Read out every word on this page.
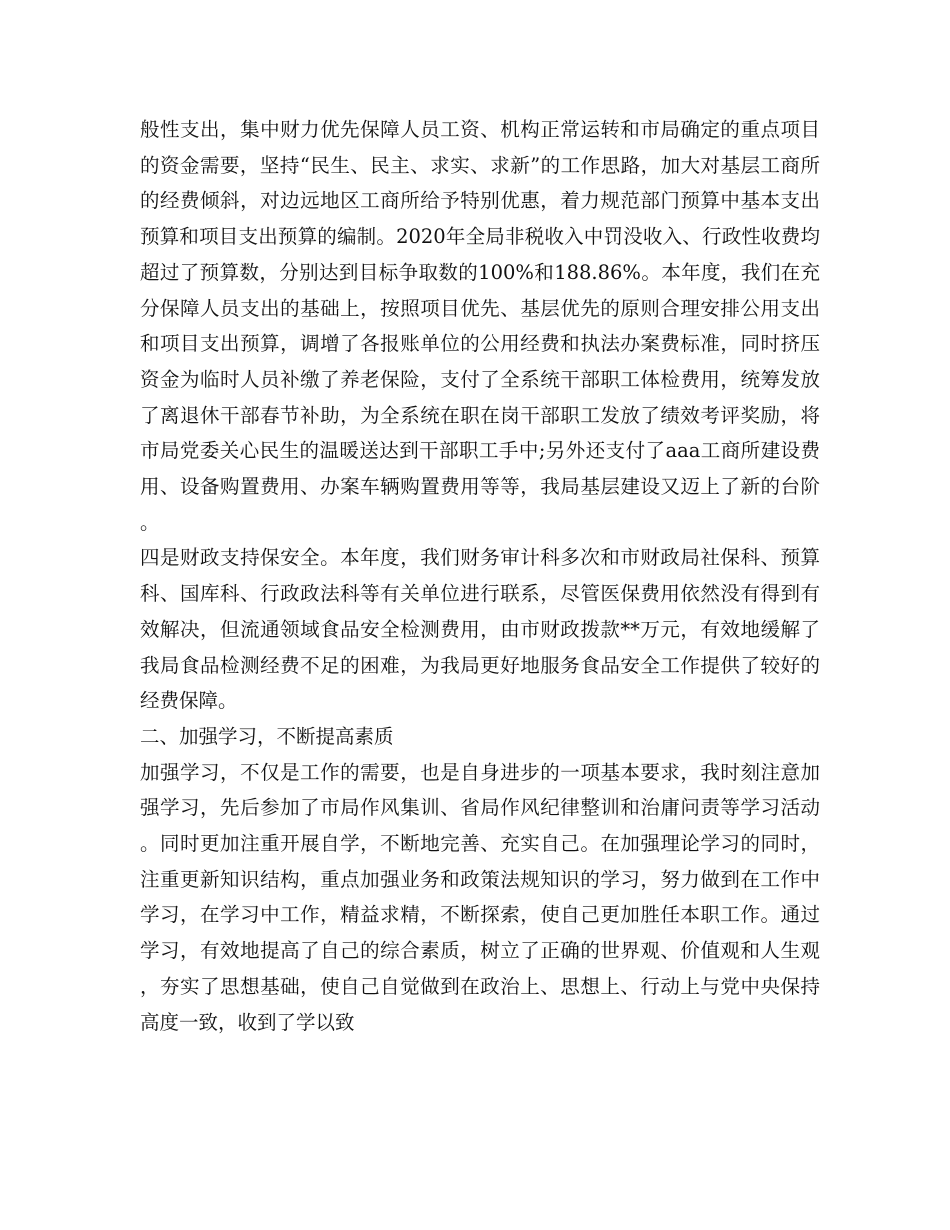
般性支出，集中财力优先保障人员工资、机构正常运转和市局确定的重点项目的资金需要，坚持“民生、民主、求实、求新”的工作思路，加大对基层工商所的经费倾斜，对边远地区工商所给予特别优惠，着力规范部门预算中基本支出预算和项目支出预算的编制。2020年全局非税收入中罚没收入、行政性收费均超过了预算数，分别达到目标争取数的100%和188.86%。本年度，我们在充分保障人员支出的基础上，按照项目优先、基层优先的原则合理安排公用支出和项目支出预算，调增了各报账单位的公用经费和执法办案费标准，同时挤压资金为临时人员补缴了养老保险，支付了全系统干部职工体检费用，统筹发放了离退休干部春节补助，为全系统在职在岗干部职工发放了绩效考评奖励，将市局党委关心民生的温暖送达到干部职工手中;另外还支付了aaa工商所建设费用、设备购置费用、办案车辆购置费用等等，我局基层建设又迈上了新的台阶。

四是财政支持保安全。本年度，我们财务审计科多次和市财政局社保科、预算科、国库科、行政政法科等有关单位进行联系，尽管医保费用依然没有得到有效解决，但流通领域食品安全检测费用，由市财政拨款**万元，有效地缓解了我局食品检测经费不足的困难，为我局更好地服务食品安全工作提供了较好的经费保障。

二、加强学习，不断提高素质

加强学习，不仅是工作的需要，也是自身进步的一项基本要求，我时刻注意加强学习，先后参加了市局作风集训、省局作风纪律整训和治庸问责等学习活动。同时更加注重开展自学，不断地完善、充实自己。在加强理论学习的同时，注重更新知识结构，重点加强业务和政策法规知识的学习，努力做到在工作中学习，在学习中工作，精益求精，不断探索，使自己更加胜任本职工作。通过学习，有效地提高了自己的综合素质，树立了正确的世界观、价值观和人生观，夯实了思想基础，使自己自觉做到在政治上、思想上、行动上与党中央保持高度一致，收到了学以致
